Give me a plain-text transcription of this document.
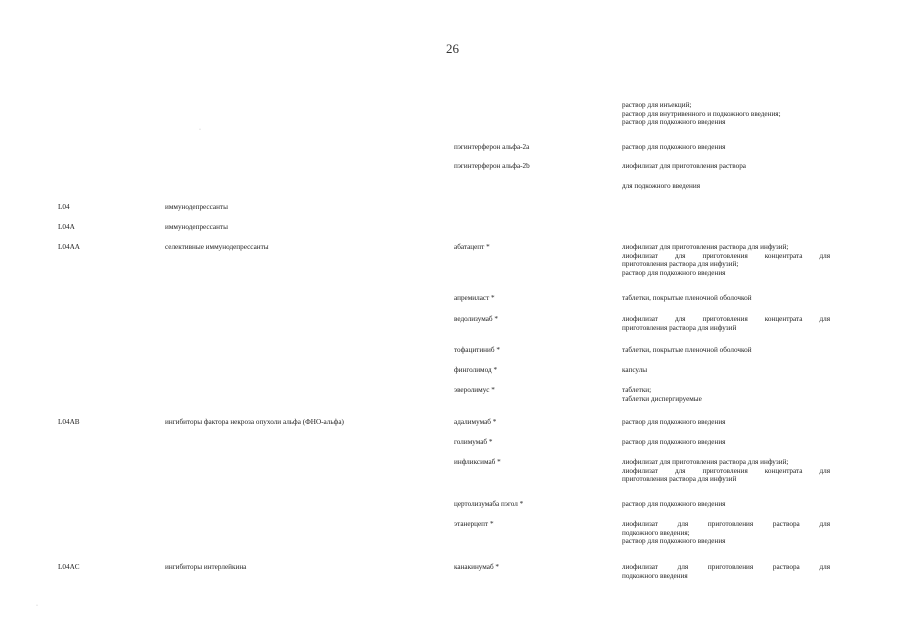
26
раствор для инъекций;
раствор для внутривенного и подкожного введения;
раствор для подкожного введения
пэгинтерферон альфа-2a	раствор для подкожного введения
пэгинтерферон альфа-2b	лиофилизат для приготовления раствора
для подкожного введения
L04	иммунодепрессанты
L04A	иммунодепрессанты
L04AA	селективные иммунодепрессанты	абатацепт *	лиофилизат для приготовления раствора для инфузий;
лиофилизат для приготовления концентрата для
приготовления раствора для инфузий;
раствор для подкожного введения
апремиласт *	таблетки, покрытые пленочной оболочкой
ведолизумаб *	лиофилизат для приготовления концентрата для
приготовления раствора для инфузий
тофацитиниб *	таблетки, покрытые пленочной оболочкой
финголимод *	капсулы
эверолимус *	таблетки;
таблетки диспергируемые
L04AB	ингибиторы фактора некроза опухоли альфа (ФНО-альфа)	адалимумаб *	раствор для подкожного введения
голимумаб *	раствор для подкожного введения
инфликсимаб *	лиофилизат для приготовления раствора для инфузий;
лиофилизат для приготовления концентрата для
приготовления раствора для инфузий
цертолизумаба пэгол *	раствор для подкожного введения
этанерцепт *	лиофилизат для приготовления раствора для
подкожного введения;
раствор для подкожного введения
L04AC	ингибиторы интерлейкина	канакинумаб *	лиофилизат для приготовления раствора для
подкожного введения
·
·
